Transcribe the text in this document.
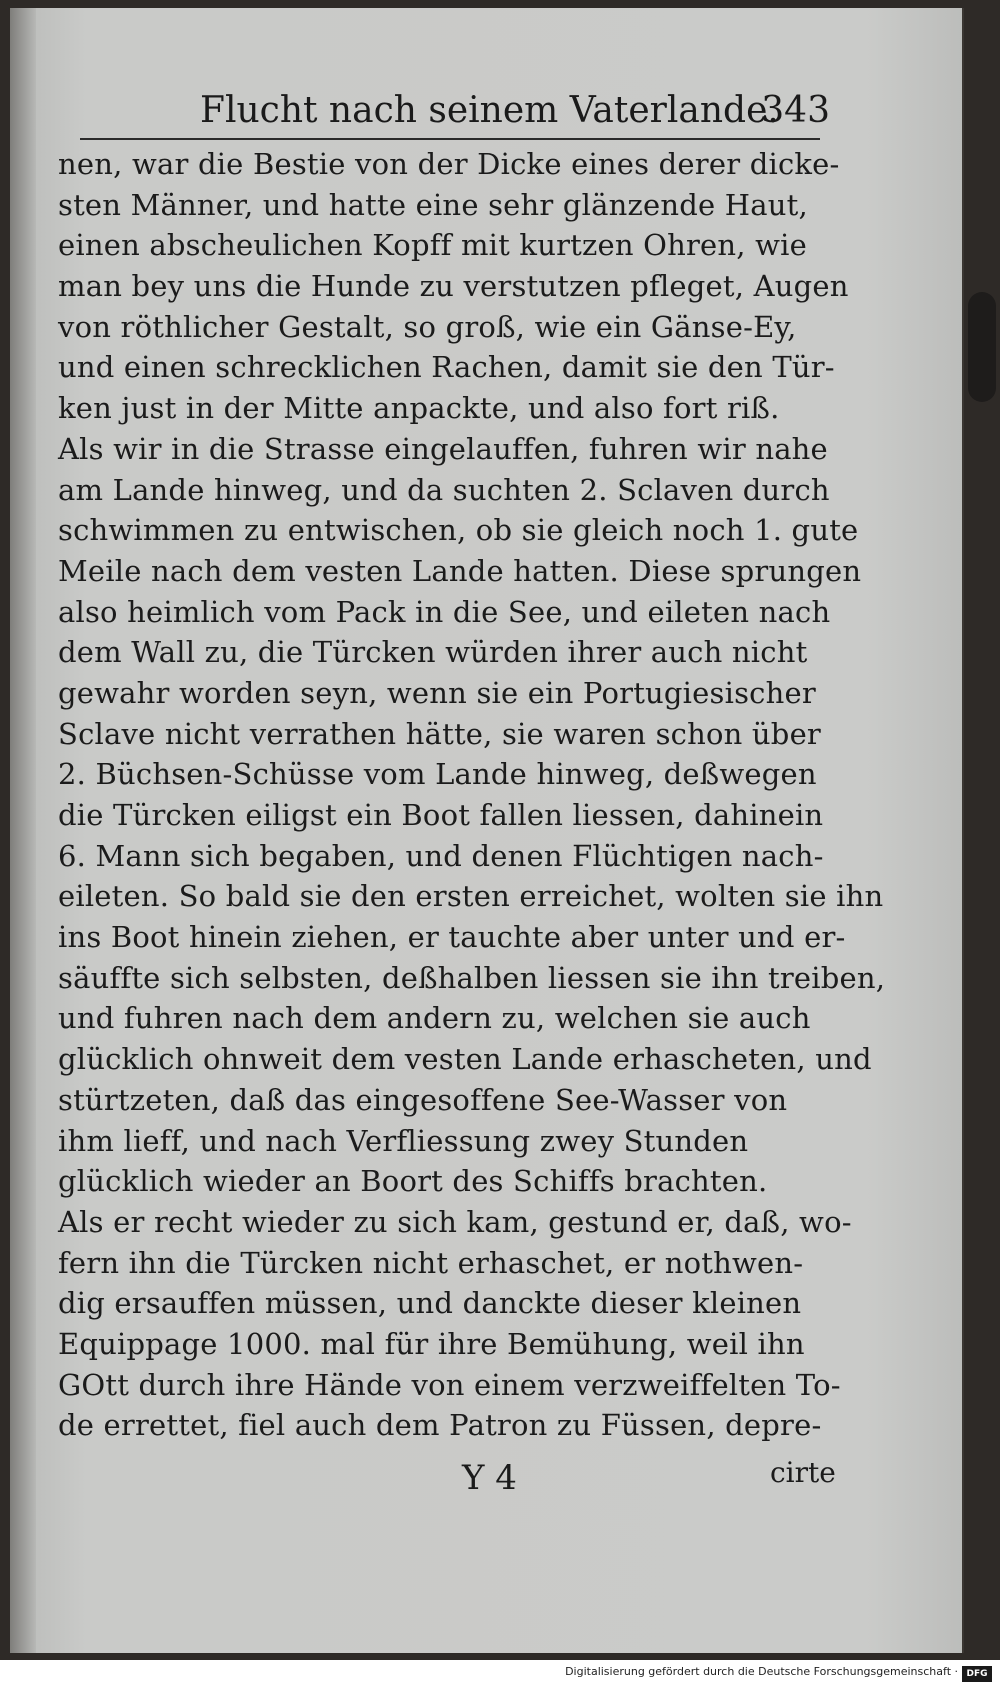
Flucht nach seinem Vaterlande.
343
nen, war die Bestie von der Dicke eines derer dicke-
sten Männer, und hatte eine sehr glänzende Haut,
einen abscheulichen Kopff mit kurtzen Ohren, wie
man bey uns die Hunde zu verstutzen pfleget, Augen
von röthlicher Gestalt, so groß, wie ein Gänse-Ey,
und einen schrecklichen Rachen, damit sie den Tür-
ken just in der Mitte anpackte, und also fort riß.
Als wir in die Strasse eingelauffen, fuhren wir nahe
am Lande hinweg, und da suchten 2. Sclaven durch
schwimmen zu entwischen, ob sie gleich noch 1. gute
Meile nach dem vesten Lande hatten. Diese sprungen
also heimlich vom Pack in die See, und eileten nach
dem Wall zu, die Türcken würden ihrer auch nicht
gewahr worden seyn, wenn sie ein Portugiesischer
Sclave nicht verrathen hätte, sie waren schon über
2. Büchsen-Schüsse vom Lande hinweg, deßwegen
die Türcken eiligst ein Boot fallen liessen, dahinein
6. Mann sich begaben, und denen Flüchtigen nach-
eileten. So bald sie den ersten erreichet, wolten sie ihn
ins Boot hinein ziehen, er tauchte aber unter und er-
säuffte sich selbsten, deßhalben liessen sie ihn treiben,
und fuhren nach dem andern zu, welchen sie auch
glücklich ohnweit dem vesten Lande erhascheten, und
stürtzeten, daß das eingesoffene See-Wasser von
ihm lieff, und nach Verfliessung zwey Stunden
glücklich wieder an Boort des Schiffs brachten.
Als er recht wieder zu sich kam, gestund er, daß, wo-
fern ihn die Türcken nicht erhaschet, er nothwen-
dig ersauffen müssen, und danckte dieser kleinen
Equippage 1000. mal für ihre Bemühung, weil ihn
GOtt durch ihre Hände von einem verzweiffelten To-
de errettet, fiel auch dem Patron zu Füssen, depre-
Y 4	cirte
Digitalisierung gefördert durch die Deutsche Forschungsgemeinschaft · DFG
